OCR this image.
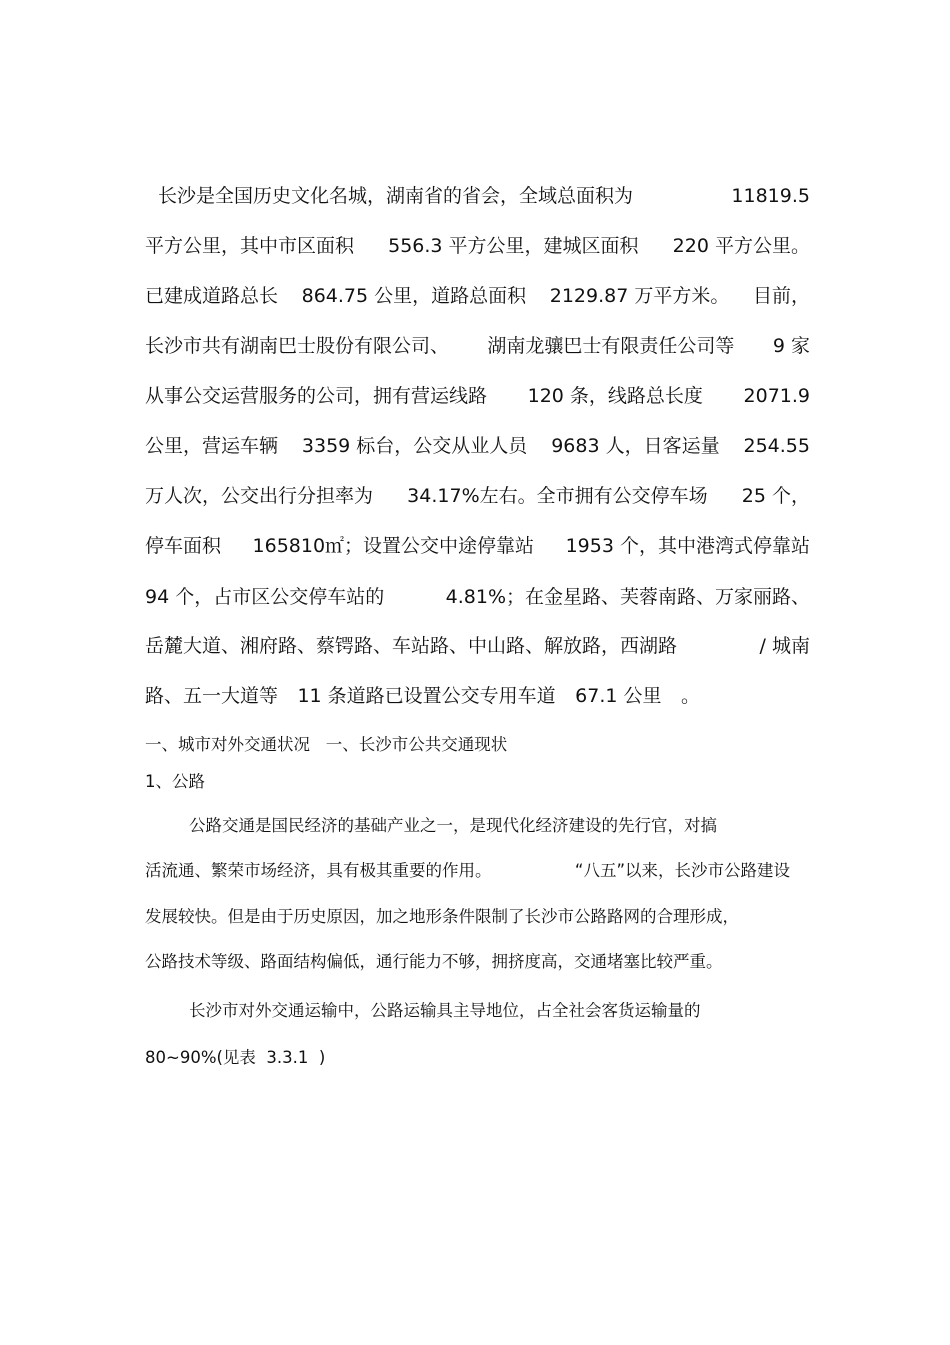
长沙是全国历史文化名城，湖南省的省会，全域总面积为	11819.5
平方公里，其中市区面积 556.3 平方公里，建城区面积 220 平方公里。
已建成道路总长 864.75 公里，道路总面积 2129.87 万平方米。 目前，
长沙市共有湖南巴士股份有限公司、 湖南龙骧巴士有限责任公司等 9 家
从事公交运营服务的公司，拥有营运线路 120 条，线路总长度 2071.9
公里，营运车辆 3359 标台，公交从业人员 9683 人，日客运量 254.55
万人次，公交出行分担率为 34.17%左右。全市拥有公交停车场 25 个，
停车面积 165810㎡；设置公交中途停靠站 1953 个，其中港湾式停靠站
94 个，占市区公交停车站的	4.81%；在金星路、芙蓉南路、万家丽路、
岳麓大道、湘府路、蔡锷路、车站路、中山路、解放路，西湖路	/ 城南
路、五一大道等 11 条道路已设置公交专用车道 67.1 公里 。
一、城市对外交通状况   一、长沙市公共交通现状
1、公路
公路交通是国民经济的基础产业之一，是现代化经济建设的先行官，对搞
活流通、繁荣市场经济，具有极其重要的作用。	“八五”以来，长沙市公路建设
发展较快。但是由于历史原因，加之地形条件限制了长沙市公路路网的合理形成，
公路技术等级、路面结构偏低，通行能力不够，拥挤度高，交通堵塞比较严重。
长沙市对外交通运输中，公路运输具主导地位，占全社会客货运输量的
80~90%(见表  3.3.1  )
